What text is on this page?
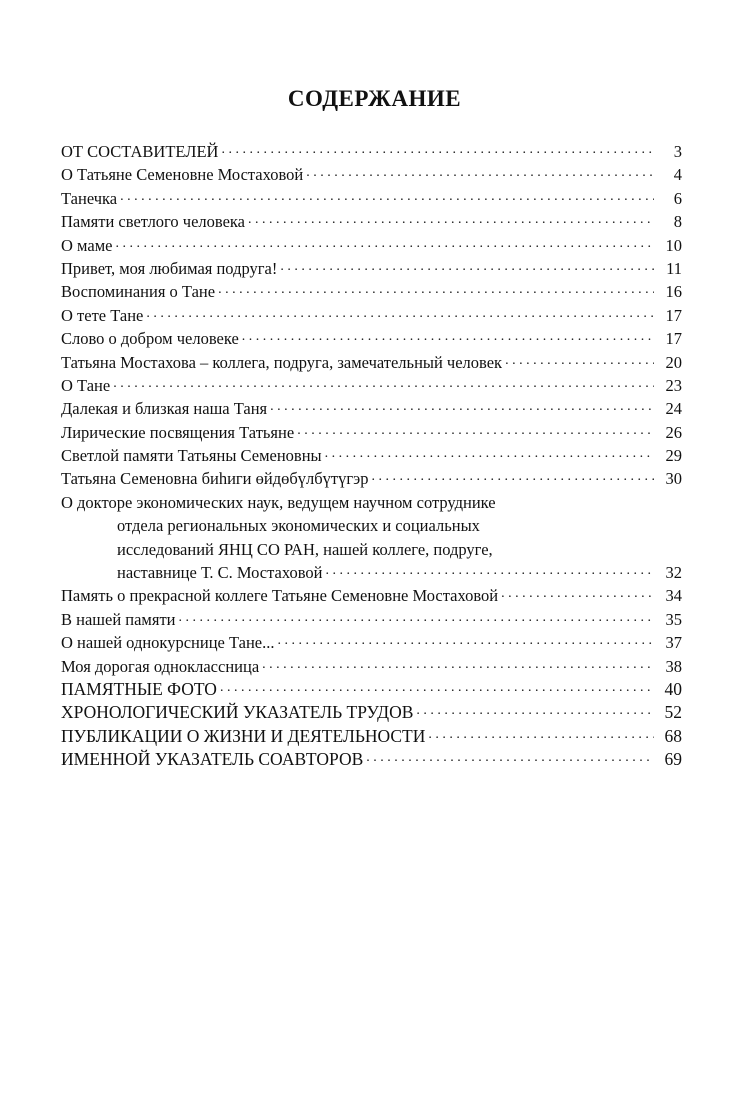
СОДЕРЖАНИЕ
ОТ СОСТАВИТЕЛЕЙ . . .	3
О Татьяне Семеновне Мостаховой . . .	4
Танечка . . .	6
Памяти светлого человека . . .	8
О маме . . .	10
Привет, моя любимая подруга! . . .	11
Воспоминания о Тане . . .	16
О тете Тане . . .	17
Слово о добром человеке . . .	17
Татьяна Мостахова – коллега, подруга, замечательный человек . . .	20
О Тане . . .	23
Далекая и близкая наша Таня . . .	24
Лирические посвящения Татьяне . . .	26
Светлой памяти Татьяны Семеновны . . .	29
Татьяна Семеновна биһиги өйдөбүлбүтүгэр . . .	30
О докторе экономических наук, ведущем научном сотруднике
отдела региональных экономических и социальных
исследований ЯНЦ СО РАН, нашей коллеге, подруге,
наставнице Т. С. Мостаховой . . .	32
Память о прекрасной коллеге Татьяне Семеновне Мостаховой . . .	34
В нашей памяти . . .	35
О нашей однокурснице Тане... . . .	37
Моя дорогая одноклассница . . .	38
ПАМЯТНЫЕ ФОТО . . .	40
ХРОНОЛОГИЧЕСКИЙ УКАЗАТЕЛЬ ТРУДОВ . . .	52
ПУБЛИКАЦИИ О ЖИЗНИ И ДЕЯТЕЛЬНОСТИ . . .	68
ИМЕННОЙ УКАЗАТЕЛЬ СОАВТОРОВ . . .	69
